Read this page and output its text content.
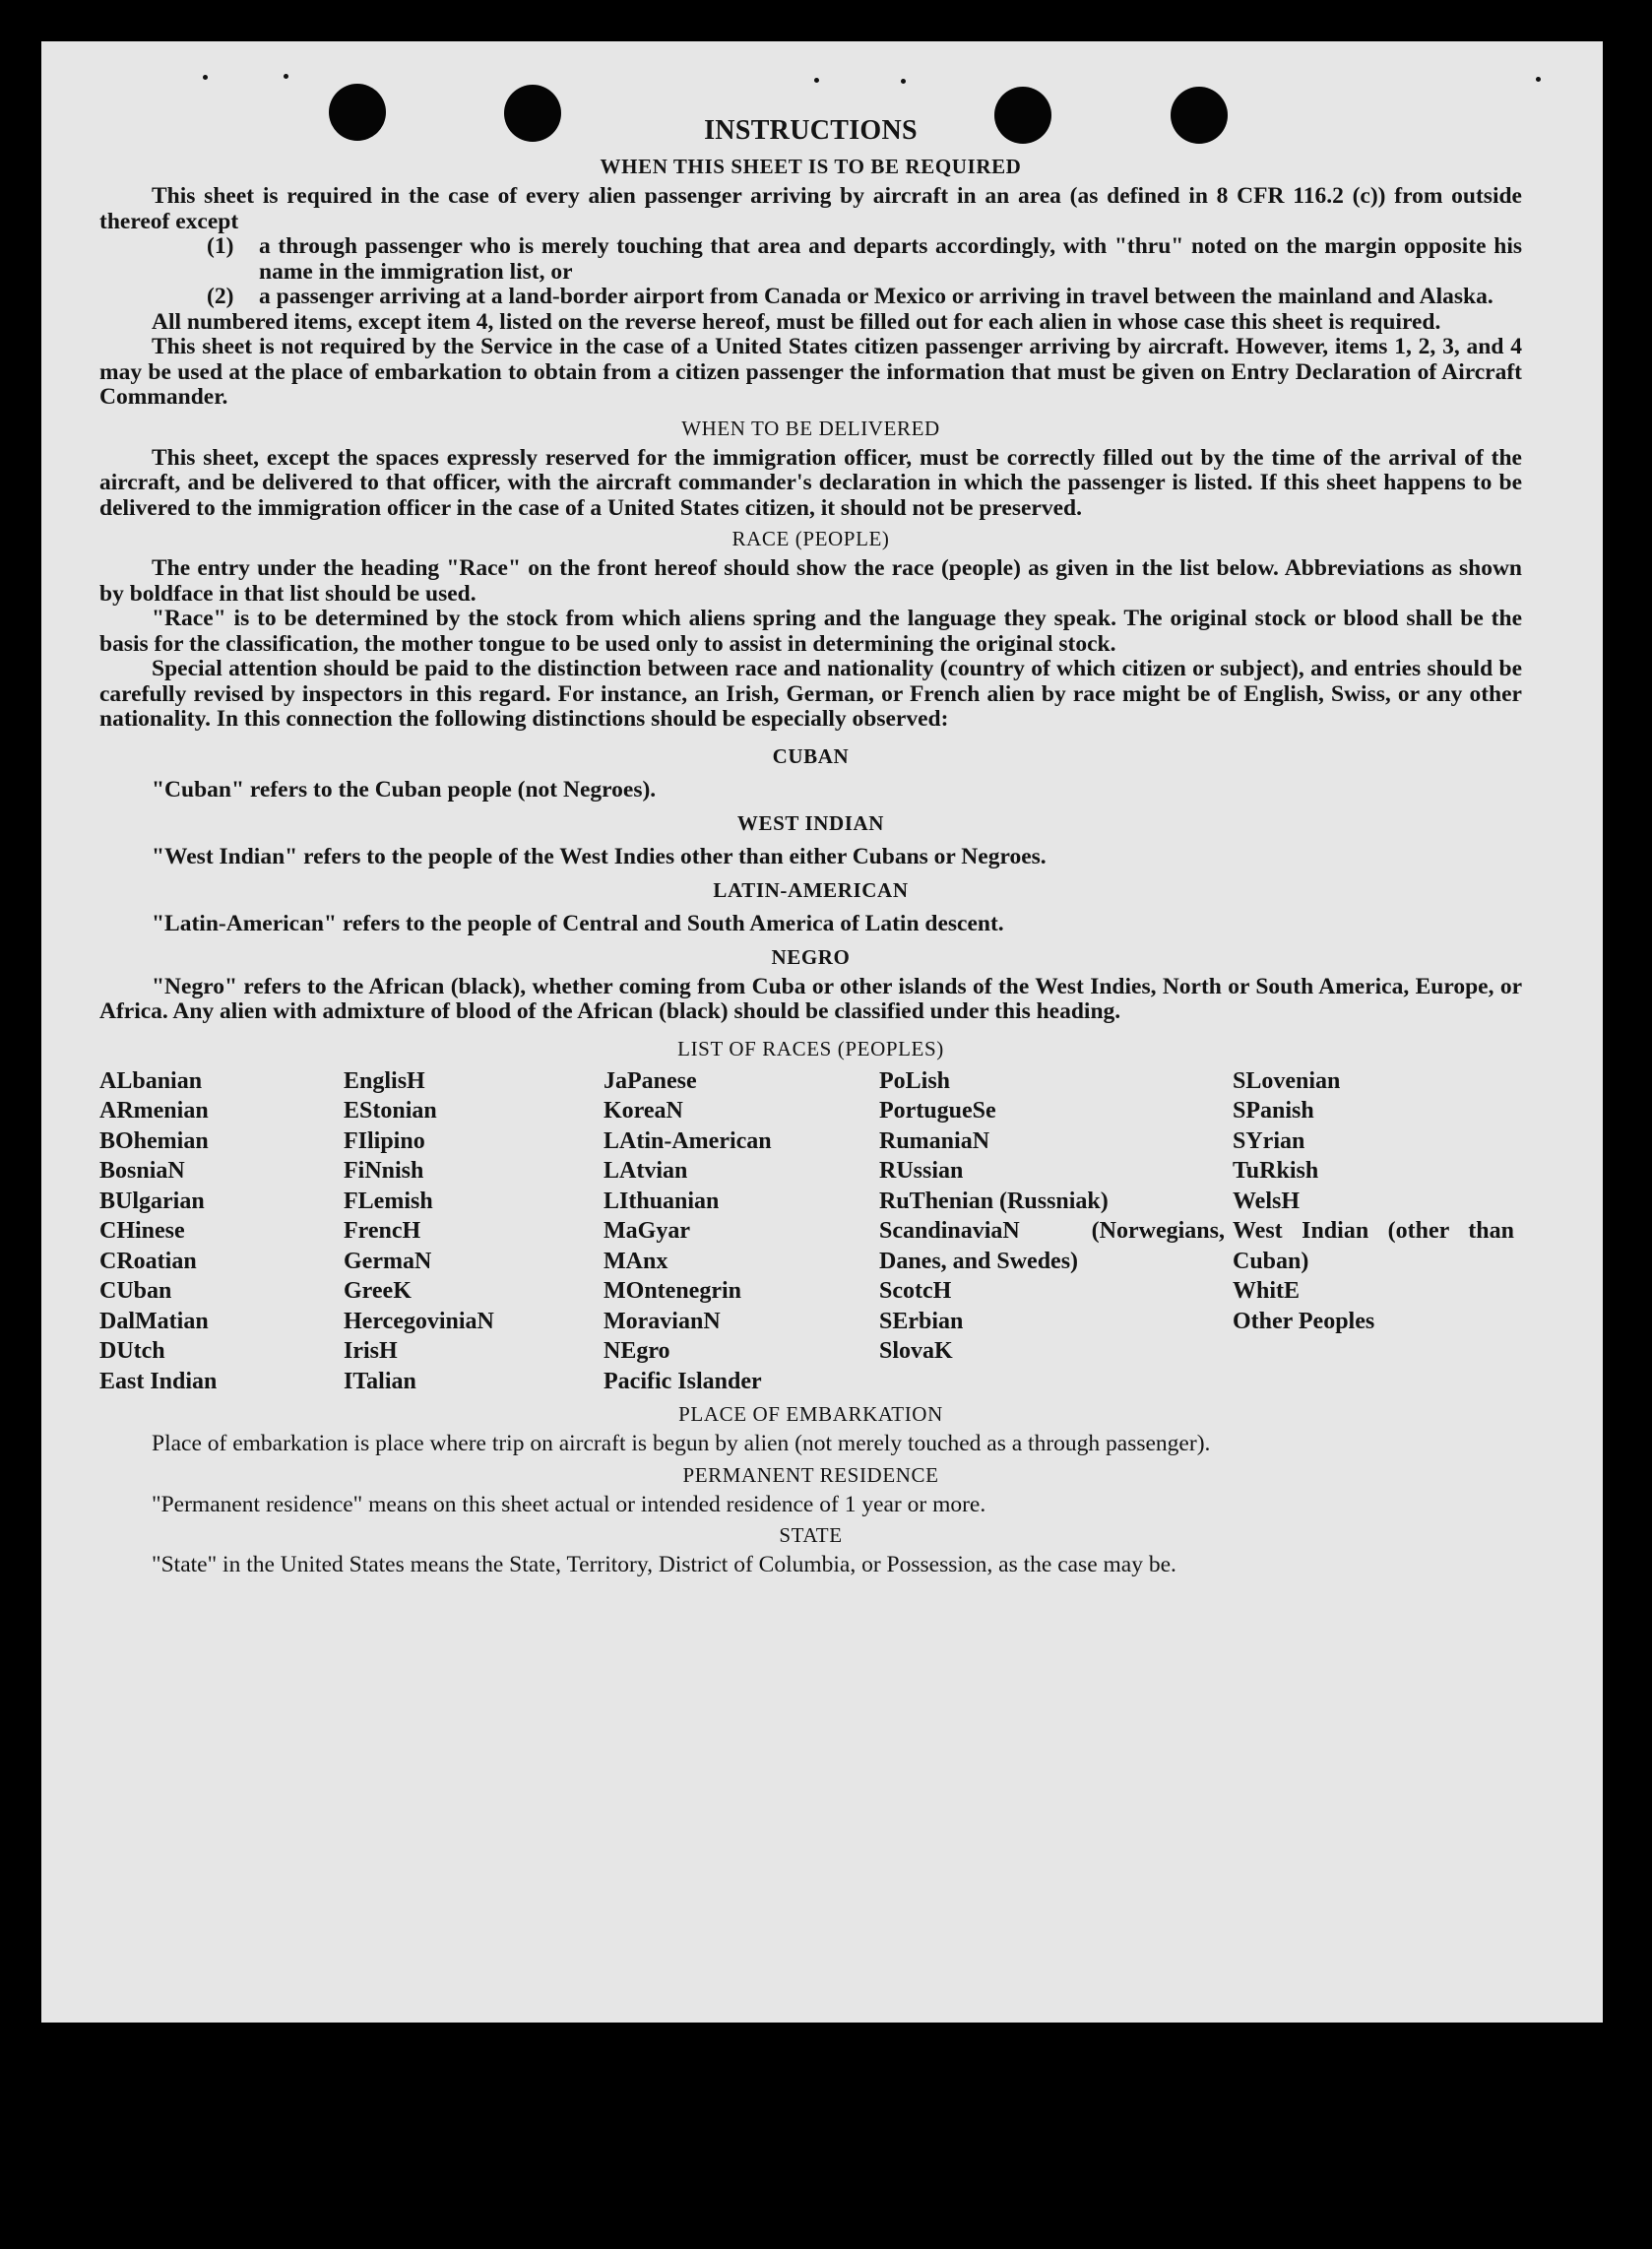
INSTRUCTIONS
WHEN THIS SHEET IS TO BE REQUIRED

This sheet is required in the case of every alien passenger arriving by aircraft in an area (as defined in 8 CFR 116.2 (c)) from outside thereof except

(1)	a through passenger who is merely touching that area and departs accordingly, with "thru" noted on the margin opposite his name in the immigration list, or
(2)	a passenger arriving at a land-border airport from Canada or Mexico or arriving in travel between the mainland and Alaska.

All numbered items, except item 4, listed on the reverse hereof, must be filled out for each alien in whose case this sheet is required.

This sheet is not required by the Service in the case of a United States citizen passenger arriving by aircraft. However, items 1, 2, 3, and 4 may be used at the place of embarkation to obtain from a citizen passenger the information that must be given on Entry Declaration of Aircraft Commander.

WHEN TO BE DELIVERED

This sheet, except the spaces expressly reserved for the immigration officer, must be correctly filled out by the time of the arrival of the aircraft, and be delivered to that officer, with the aircraft commander's declaration in which the passenger is listed. If this sheet happens to be delivered to the immigration officer in the case of a United States citizen, it should not be preserved.

RACE (PEOPLE)

The entry under the heading "Race" on the front hereof should show the race (people) as given in the list below. Abbreviations as shown by boldface in that list should be used.

"Race" is to be determined by the stock from which aliens spring and the language they speak. The original stock or blood shall be the basis for the classification, the mother tongue to be used only to assist in determining the original stock.

Special attention should be paid to the distinction between race and nationality (country of which citizen or subject), and entries should be carefully revised by inspectors in this regard. For instance, an Irish, German, or French alien by race might be of English, Swiss, or any other nationality. In this connection the following distinctions should be especially observed:

CUBAN
"Cuban" refers to the Cuban people (not Negroes).
WEST INDIAN
"West Indian" refers to the people of the West Indies other than either Cubans or Negroes.
LATIN-AMERICAN
"Latin-American" refers to the people of Central and South America of Latin descent.
NEGRO

"Negro" refers to the African (black), whether coming from Cuba or other islands of the West Indies, North or South America, Europe, or Africa. Any alien with admixture of blood of the African (black) should be classified under this heading.

LIST OF RACES (PEOPLES)
ALbanian
ARmenian
BOhemian
BosniaN
BUlgarian
CHinese
CRoatian
CUban
DalMatian
DUtch
East Indian
EnglisH
EStonian
FIlipino
FiNnish
FLemish
FrencH
GermaN
GreeK
HercegoviniaN
IrisH
ITalian
JaPanese
KoreaN
LAtin-American
LAtvian
LIthuanian
MaGyar
MAnx
MOntenegrin
MoravianN
NEgro
Pacific Islander
PoLish
PortugueSe
RumaniaN
RUssian
RuThenian (Russniak)
ScandinaviaN (Norwegians, Danes, and Swedes)
ScotcH
SErbian
SlovaK
SLovenian
SPanish
SYrian
TuRkish
WelsH
West Indian (other than Cuban)
WhitE
Other Peoples
PLACE OF EMBARKATION

Place of embarkation is place where trip on aircraft is begun by alien (not merely touched as a through passenger).

PERMANENT RESIDENCE

"Permanent residence" means on this sheet actual or intended residence of 1 year or more.

STATE

"State" in the United States means the State, Territory, District of Columbia, or Possession, as the case may be.
